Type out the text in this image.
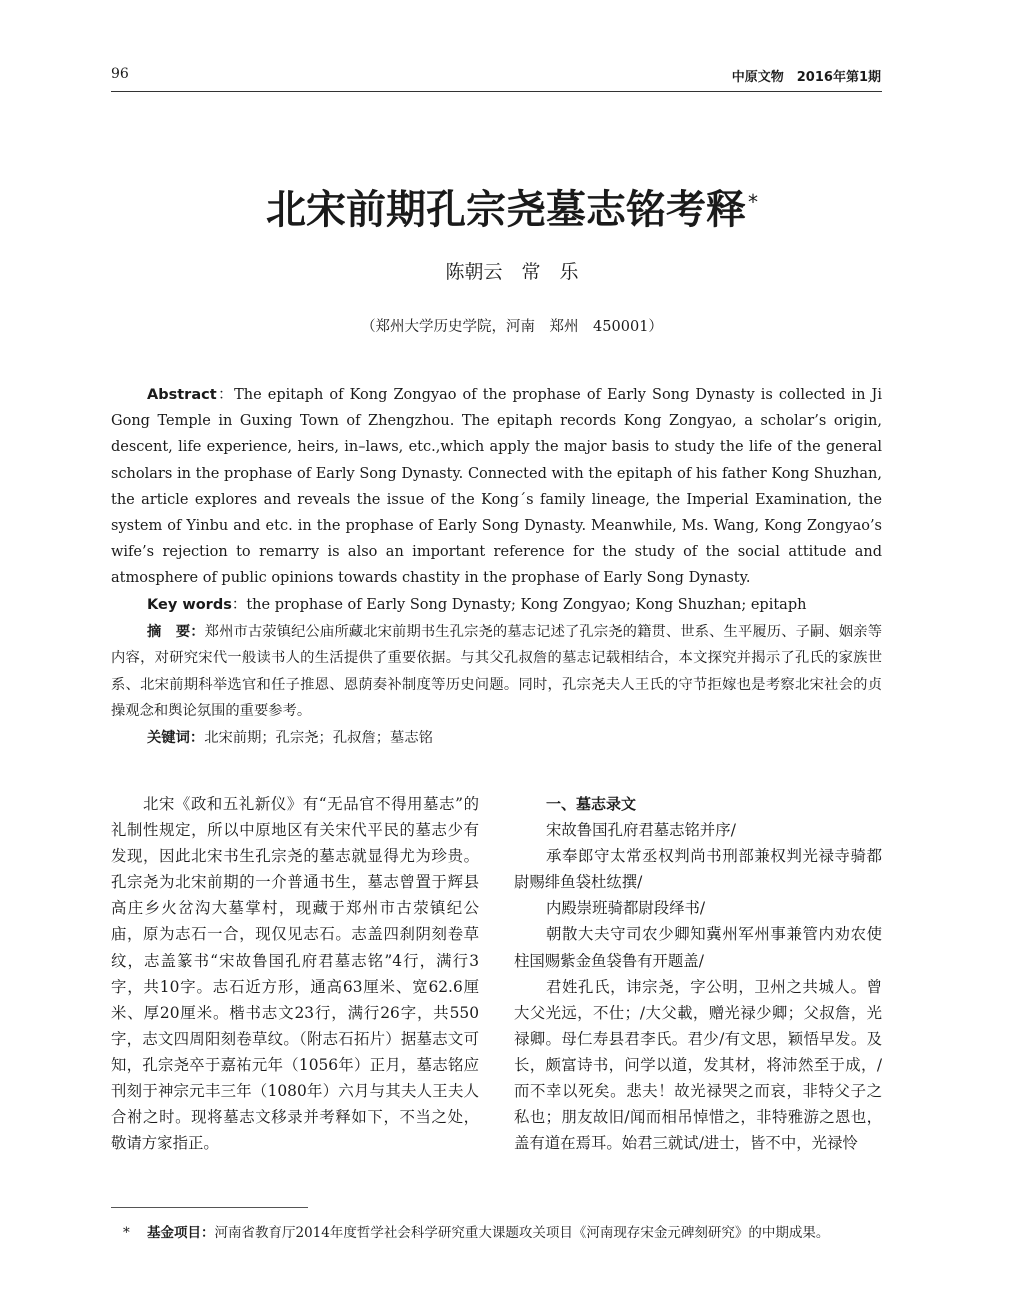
96	中原文物　2016年第1期
北宋前期孔宗尧墓志铭考释 *
陈朝云　常　乐
（郑州大学历史学院，河南　郑州　450001）

Abstract：The epitaph of Kong Zongyao of the prophase of Early Song Dynasty is collected in Ji Gong Temple in Guxing Town of Zhengzhou. The epitaph records Kong Zongyao, a scholar’s origin, descent, life experience, heirs, in–laws, etc.,which apply the major basis to study the life of the general scholars in the prophase of Early Song Dynasty. Connected with the epitaph of his father Kong Shuzhan, the article explores and reveals the issue of the Kong´s family lineage, the Imperial Examination, the system of Yinbu and etc. in the prophase of Early Song Dynasty. Meanwhile, Ms. Wang, Kong Zongyao’s wife’s rejection to remarry is also an important reference for the study of the social attitude and atmosphere of public opinions towards chastity in the prophase of Early Song Dynasty.

Key words：the prophase of Early Song Dynasty; Kong Zongyao; Kong Shuzhan; epitaph

摘　要：郑州市古荥镇纪公庙所藏北宋前期书生孔宗尧的墓志记述了孔宗尧的籍贯、世系、生平履历、子嗣、姻亲等内容，对研究宋代一般读书人的生活提供了重要依据。与其父孔叔詹的墓志记载相结合，本文探究并揭示了孔氏的家族世系、北宋前期科举选官和任子推恩、恩荫奏补制度等历史问题。同时，孔宗尧夫人王氏的守节拒嫁也是考察北宋社会的贞操观念和舆论氛围的重要参考。

关键词：北宋前期；孔宗尧；孔叔詹；墓志铭

北宋《政和五礼新仪》有“无品官不得用墓志”的礼制性规定，所以中原地区有关宋代平民的墓志少有发现，因此北宋书生孔宗尧的墓志就显得尤为珍贵。孔宗尧为北宋前期的一介普通书生，墓志曾置于辉县高庄乡火岔沟大墓掌村，现藏于郑州市古荥镇纪公庙，原为志石一合，现仅见志石。志盖四刹阴刻卷草纹，志盖篆书“宋故鲁国孔府君墓志铭”4行，满行3字，共10字。志石近方形，通高63厘米、宽62.6厘米、厚20厘米。楷书志文23行，满行26字，共550字，志文四周阳刻卷草纹。（附志石拓片）据墓志文可知，孔宗尧卒于嘉祐元年（1056年）正月，墓志铭应刊刻于神宗元丰三年（1080年）六月与其夫人王夫人合祔之时。现将墓志文移录并考释如下，不当之处，敬请方家指正。

一、墓志录文

宋故鲁国孔府君墓志铭并序/

承奉郎守太常丞权判尚书刑部兼权判光禄寺骑都尉赐绯鱼袋杜纮撰/

内殿崇班骑都尉段绎书/

朝散大夫守司农少卿知冀州军州事兼管内劝农使柱国赐紫金鱼袋鲁有开题盖/

君姓孔氏，讳宗尧，字公明，卫州之共城人。曾大父光远，不仕；/大父載，赠光禄少卿；父叔詹，光禄卿。母仁寿县君李氏。君少/有文思，颖悟早发。及长，颇富诗书，问学以道，发其材，将沛然至于成，/而不幸以死矣。悲夫！故光禄哭之而哀，非特父子之私也；朋友故旧/闻而相吊悼惜之，非特雅游之恩也，盖有道在焉耳。始君三就试/进士，皆不中，光禄怜

* 基金项目：河南省教育厅2014年度哲学社会科学研究重大课题攻关项目《河南现存宋金元碑刻研究》的中期成果。
